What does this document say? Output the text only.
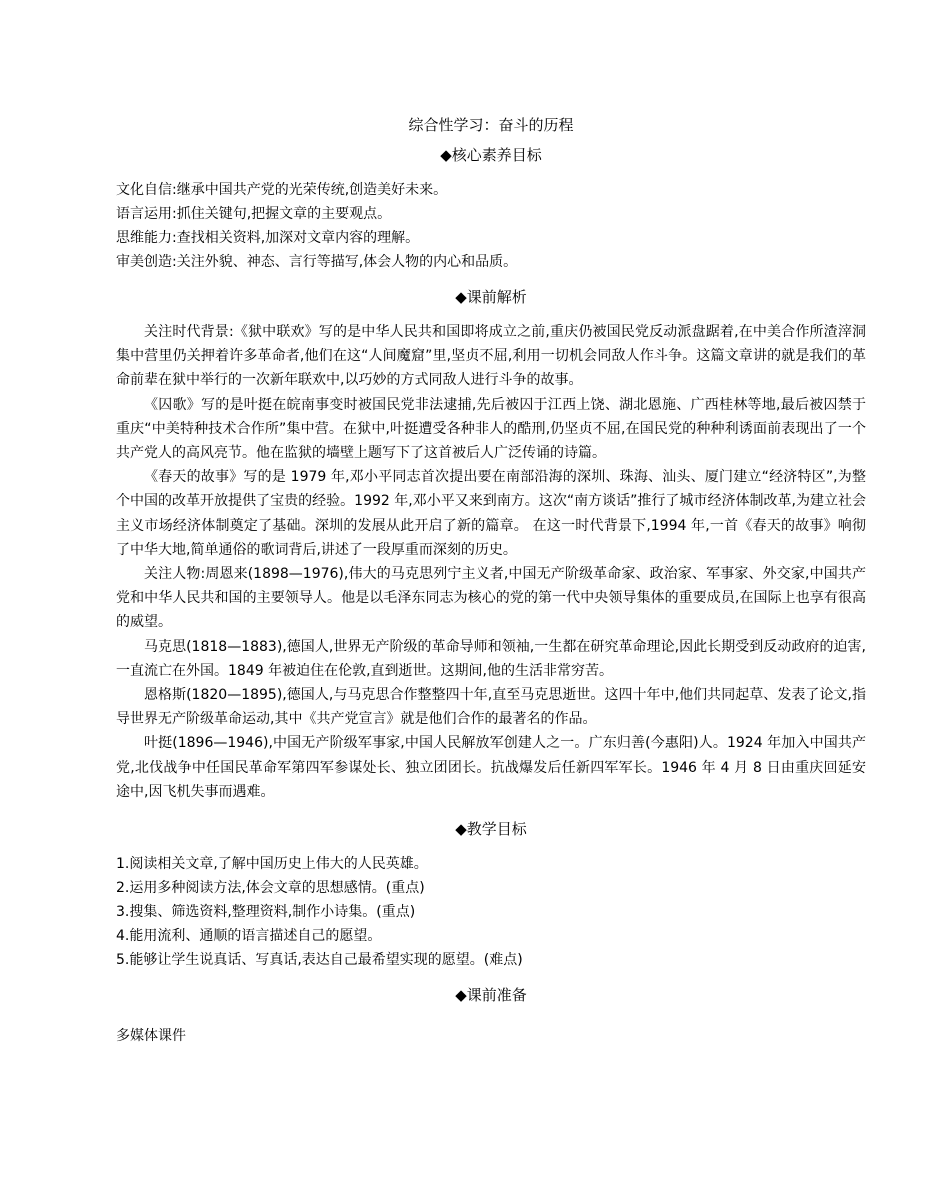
综合性学习：奋斗的历程
◆核心素养目标
文化自信:继承中国共产党的光荣传统,创造美好未来。
语言运用:抓住关键句,把握文章的主要观点。
思维能力:查找相关资料,加深对文章内容的理解。
审美创造:关注外貌、神态、言行等描写,体会人物的内心和品质。
◆课前解析

关注时代背景:《狱中联欢》写的是中华人民共和国即将成立之前,重庆仍被国民党反动派盘踞着,在中美合作所渣滓洞集中营里仍关押着许多革命者,他们在这“人间魔窟”里,坚贞不屈,利用一切机会同敌人作斗争。这篇文章讲的就是我们的革命前辈在狱中举行的一次新年联欢中,以巧妙的方式同敌人进行斗争的故事。

《囚歌》写的是叶挺在皖南事变时被国民党非法逮捕,先后被囚于江西上饶、湖北恩施、广西桂林等地,最后被囚禁于重庆“中美特种技术合作所”集中营。在狱中,叶挺遭受各种非人的酷刑,仍坚贞不屈,在国民党的种种利诱面前表现出了一个共产党人的高风亮节。他在监狱的墙壁上题写下了这首被后人广泛传诵的诗篇。

《春天的故事》写的是 1979 年,邓小平同志首次提出要在南部沿海的深圳、珠海、汕头、厦门建立“经济特区”,为整个中国的改革开放提供了宝贵的经验。1992 年,邓小平又来到南方。这次“南方谈话”推行了城市经济体制改革,为建立社会主义市场经济体制奠定了基础。深圳的发展从此开启了新的篇章。 在这一时代背景下,1994 年,一首《春天的故事》响彻了中华大地,简单通俗的歌词背后,讲述了一段厚重而深刻的历史。

关注人物:周恩来(1898—1976),伟大的马克思列宁主义者,中国无产阶级革命家、政治家、军事家、外交家,中国共产党和中华人民共和国的主要领导人。他是以毛泽东同志为核心的党的第一代中央领导集体的重要成员,在国际上也享有很高的威望。

马克思(1818—1883),德国人,世界无产阶级的革命导师和领袖,一生都在研究革命理论,因此长期受到反动政府的迫害,一直流亡在外国。1849 年被迫住在伦敦,直到逝世。这期间,他的生活非常穷苦。

恩格斯(1820—1895),德国人,与马克思合作整整四十年,直至马克思逝世。这四十年中,他们共同起草、发表了论文,指导世界无产阶级革命运动,其中《共产党宣言》就是他们合作的最著名的作品。

叶挺(1896—1946),中国无产阶级军事家,中国人民解放军创建人之一。广东归善(今惠阳)人。1924 年加入中国共产党,北伐战争中任国民革命军第四军参谋处长、独立团团长。抗战爆发后任新四军军长。1946 年 4 月 8 日由重庆回延安途中,因飞机失事而遇难。

◆教学目标
1.阅读相关文章,了解中国历史上伟大的人民英雄。
2.运用多种阅读方法,体会文章的思想感情。(重点)
3.搜集、筛选资料,整理资料,制作小诗集。(重点)
4.能用流利、通顺的语言描述自己的愿望。
5.能够让学生说真话、写真话,表达自己最希望实现的愿望。(难点)
◆课前准备

多媒体课件
